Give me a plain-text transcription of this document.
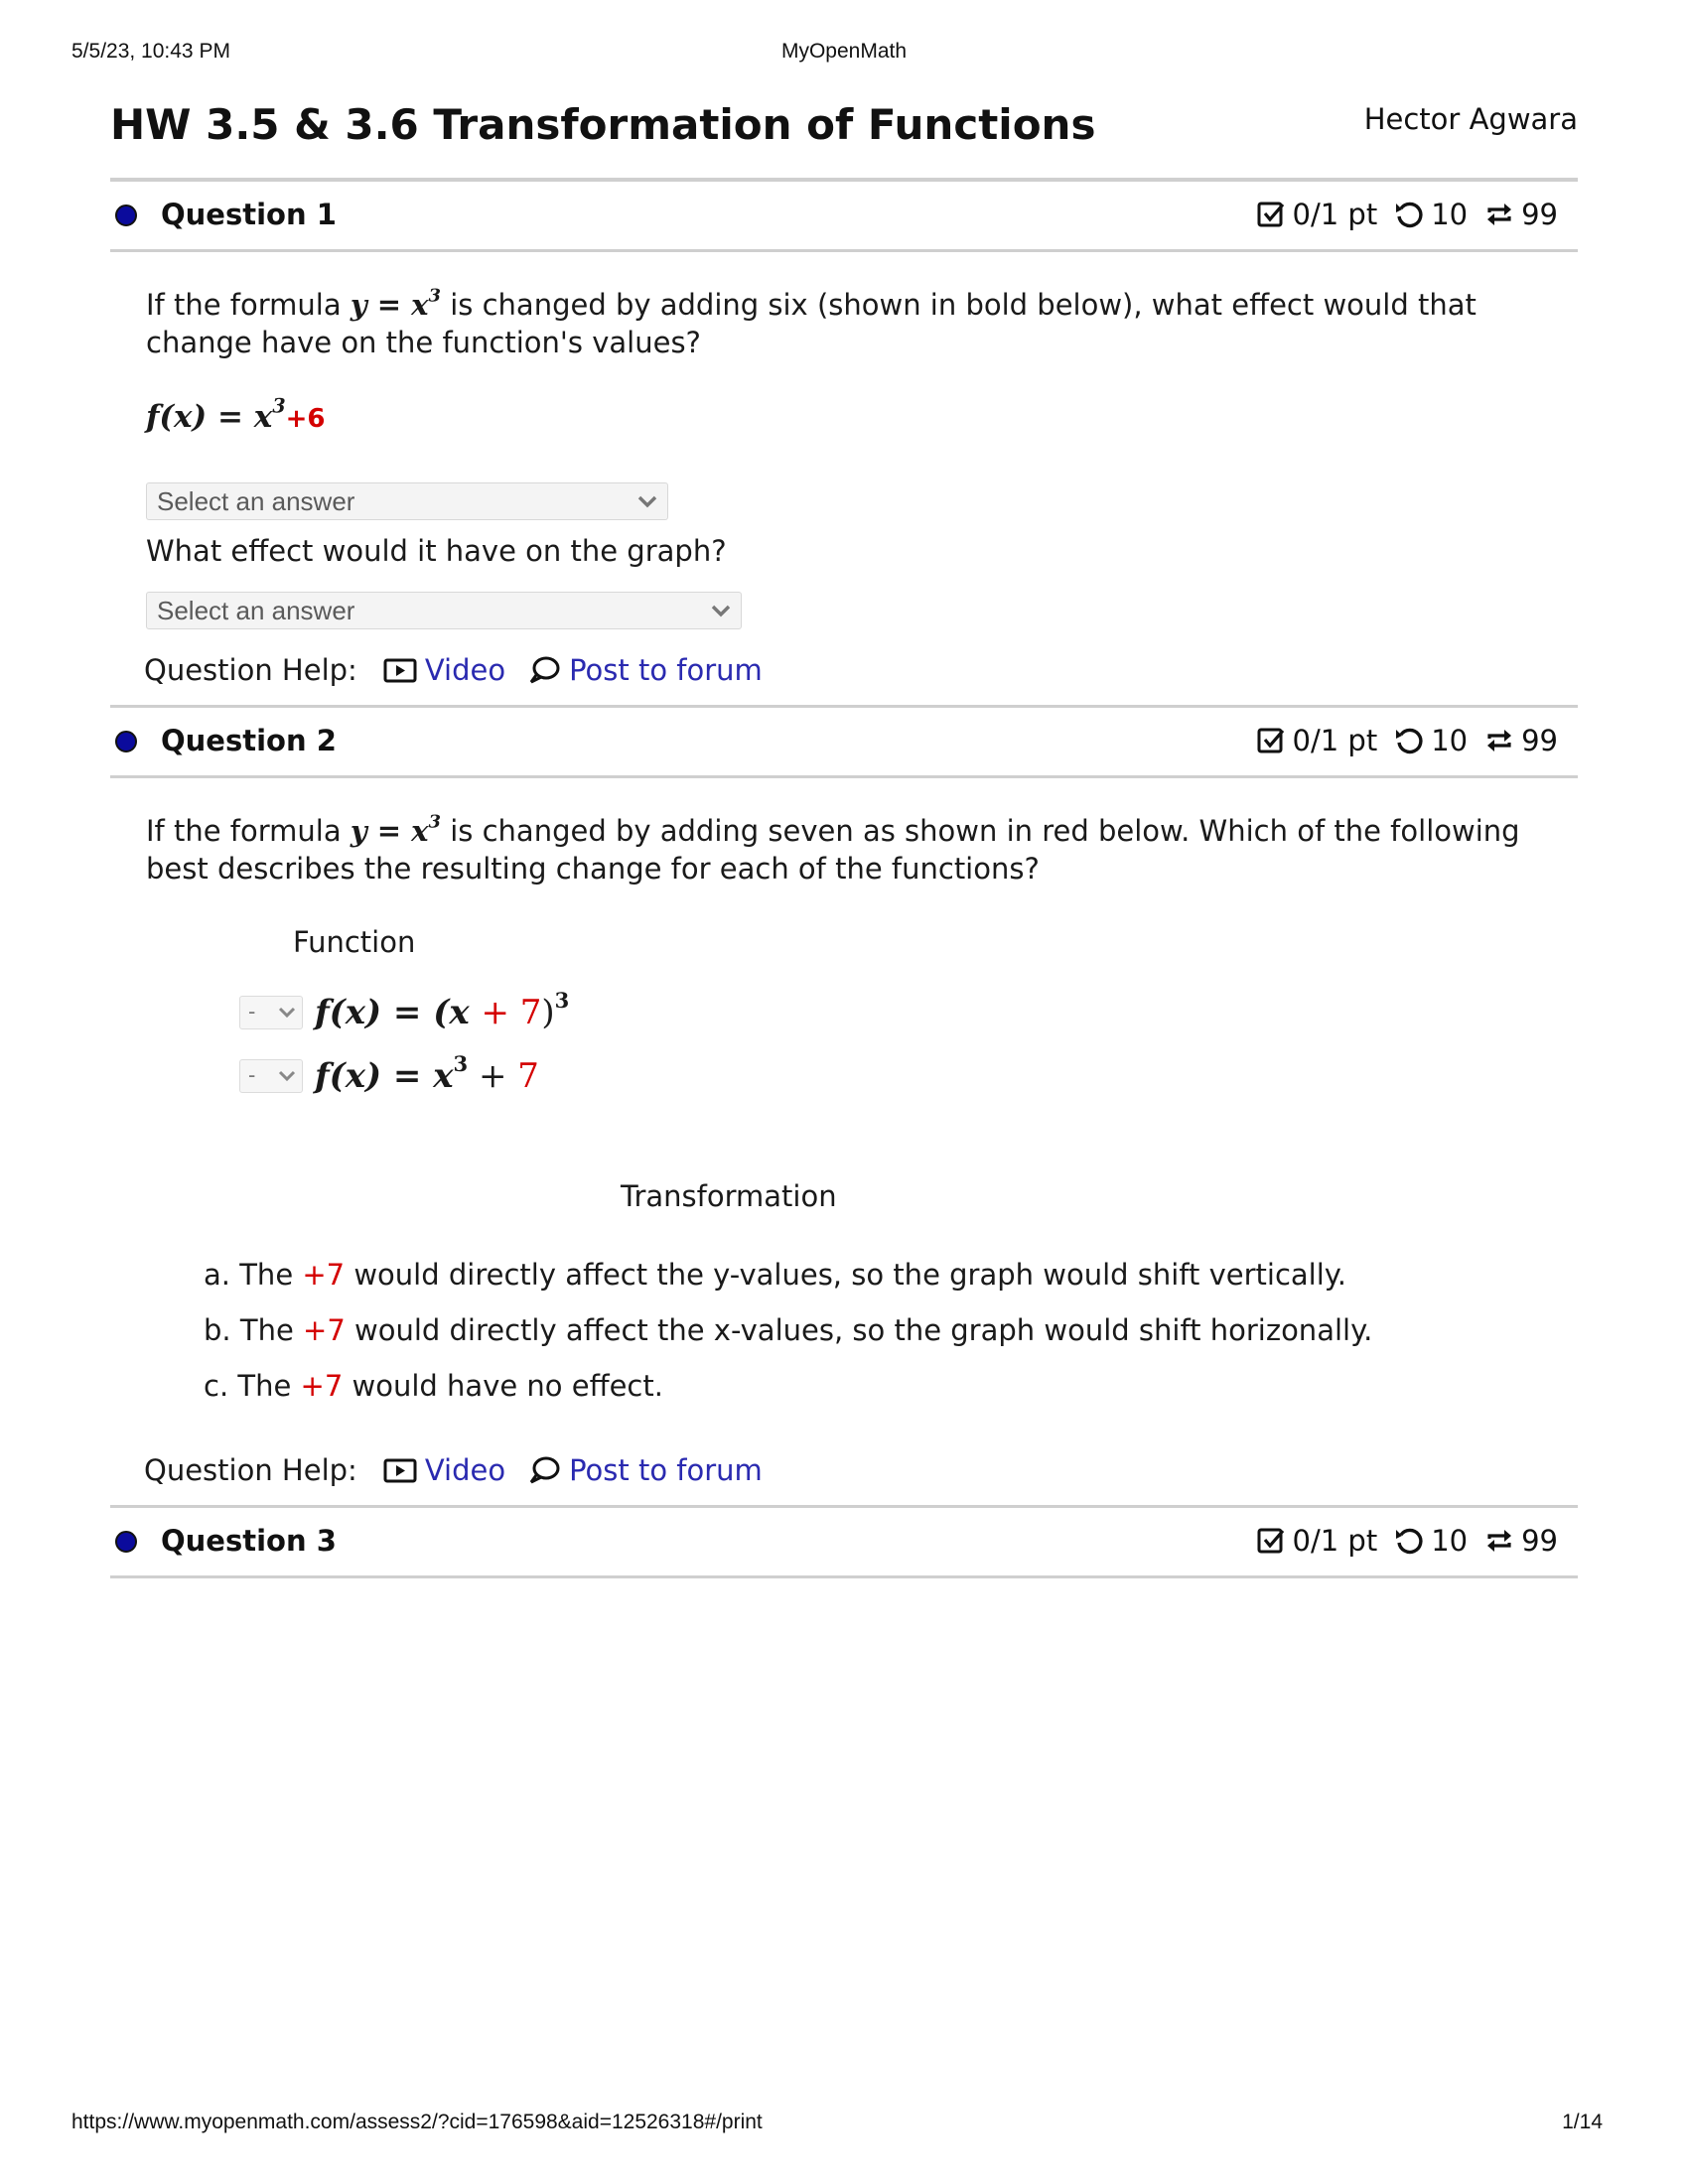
5/5/23, 10:43 PM	MyOpenMath
HW 3.5 & 3.6 Transformation of Functions	Hector Agwara
Question 1	0/1 pt 10 99
If the formula $y = x^3$ is changed by adding six (shown in bold below), what effect would that change have on the function's values?
$f(x) = x^3+6$
Select an answer
What effect would it have on the graph?
Select an answer
Question Help: Video Post to forum
Question 2	0/1 pt 10 99
If the formula $y = x^3$ is changed by adding seven as shown in red below. Which of the following best describes the resulting change for each of the functions?
Function
-	$f(x) = (x + 7)^3$
-	$f(x) = x^3 + 7$
Transformation
a. The +7 would directly affect the y-values, so the graph would shift vertically.
b. The +7 would directly affect the x-values, so the graph would shift horizonally.
c. The +7 would have no effect.
Question Help: Video Post to forum
Question 3	0/1 pt 10 99
https://www.myopenmath.com/assess2/?cid=176598&aid=12526318#/print	1/14
